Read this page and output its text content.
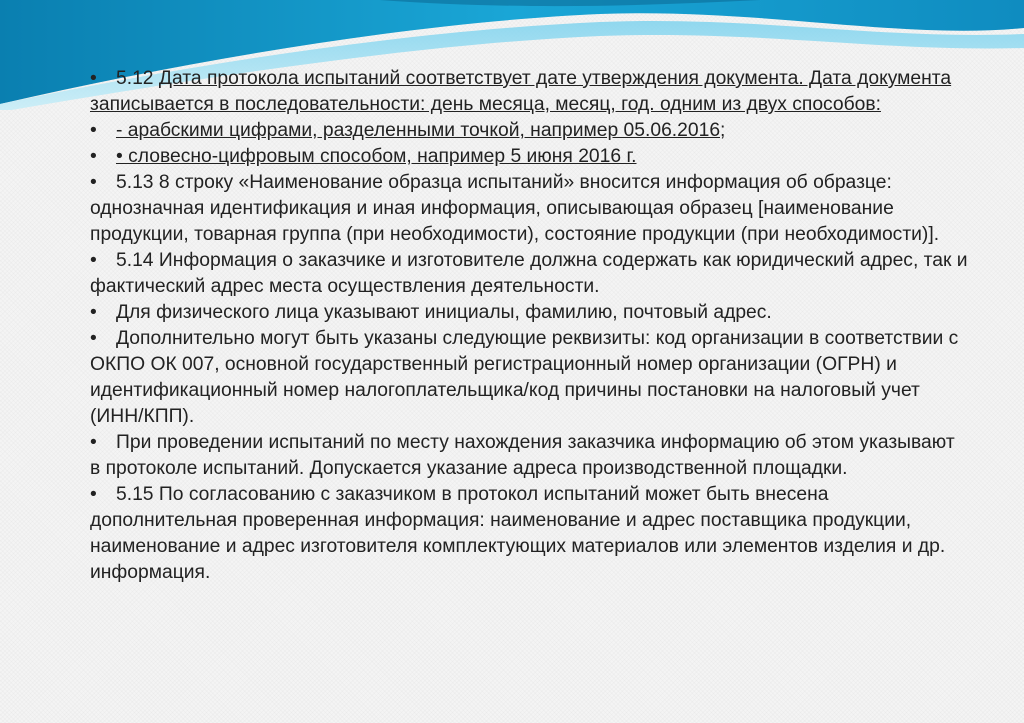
• 5.12 Дата протокола испытаний соответствует дате утверждения документа. Дата документа записывается в последовательности: день месяца, месяц, год. одним из двух способов:

• - арабскими цифрами, разделенными точкой, например 05.06.2016;

• • словесно-цифровым способом, например 5 июня 2016 г.

• 5.13 8 строку «Наименование образца испытаний» вносится информация об образце: однозначная идентификация и иная информация, описывающая образец [наименование продукции, товарная группа (при необходимости), состояние продукции (при необходимости)].

• 5.14 Информация о заказчике и изготовителе должна содержать как юридический адрес, так и фактический адрес места осуществления деятельности.

• Для физического лица указывают инициалы, фамилию, почтовый адрес.

• Дополнительно могут быть указаны следующие реквизиты: код организации в соответствии с ОКПО ОК 007, основной государственный регистрационный номер организации (ОГРН) и идентификационный номер налогоплательщика/код причины постановки на налоговый учет (ИНН/КПП).

• При проведении испытаний по месту нахождения заказчика информацию об этом указывают в протоколе испытаний. Допускается указание адреса производственной площадки.

• 5.15 По согласованию с заказчиком в протокол испытаний может быть внесена дополнительная проверенная информация: наименование и адрес поставщика продукции, наименование и адрес изготовителя комплектующих материалов или элементов изделия и др. информация.
